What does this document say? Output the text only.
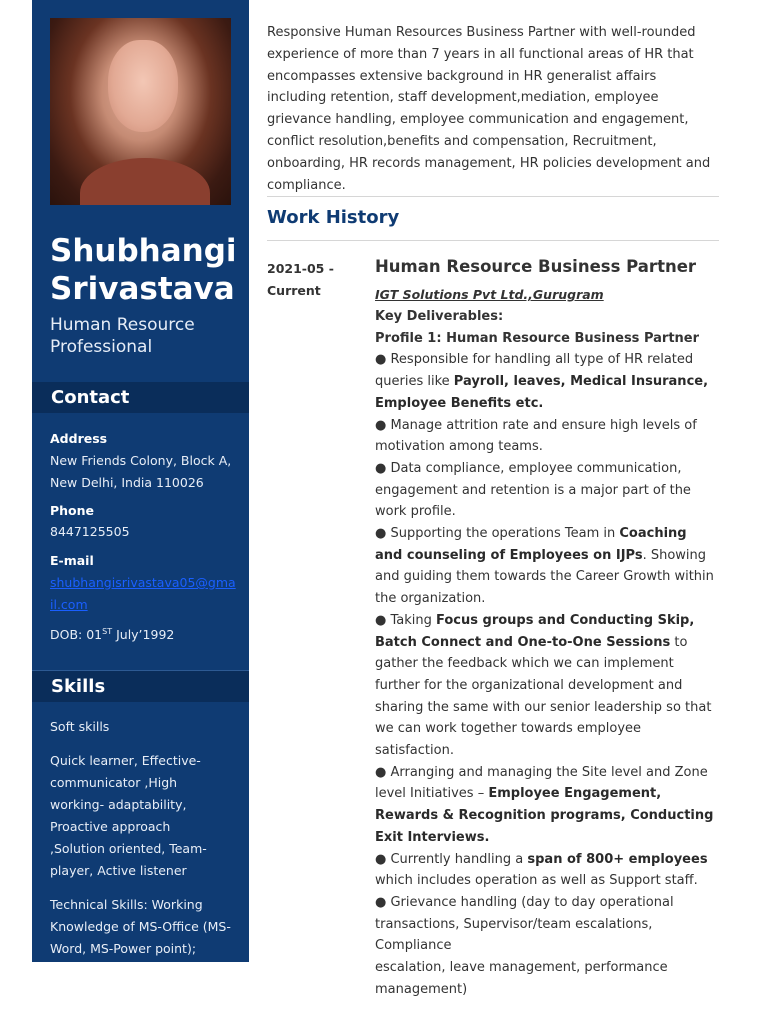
Shubhangi
Srivastava
Human Resource
Professional
Contact
Address
New Friends Colony, Block A,
New Delhi, India 110026
Phone
8447125505
E-mail
shubhangisrivastava05@gmail.com
DOB: 01ST July’1992
Skills
Soft skills
Quick learner, Effective-communicator ,High working- adaptability, Proactive approach ,Solution oriented, Team-player, Active listener
Technical Skills: Working Knowledge of MS-Office (MS- Word, MS-Power point);
Responsive Human Resources Business Partner with well-rounded experience of more than 7 years in all functional areas of HR that encompasses extensive background in HR generalist affairs including retention, staff development,mediation, employee grievance handling, employee communication and engagement, conflict resolution,benefits and compensation, Recruitment, onboarding, HR records management, HR policies development and compliance.
Work History
2021-05 -
Current
Human Resource Business Partner
IGT Solutions Pvt Ltd.,Gurugram
Key Deliverables:
Profile 1: Human Resource Business Partner
● Responsible for handling all type of HR related queries like Payroll, leaves, Medical Insurance, Employee Benefits etc.
● Manage attrition rate and ensure high levels of motivation among teams.
● Data compliance, employee communication, engagement and retention is a major part of the work profile.
● Supporting the operations Team in Coaching and counseling of Employees on IJPs. Showing and guiding them towards the Career Growth within the organization.
● Taking Focus groups and Conducting Skip, Batch Connect and One-to-One Sessions to gather the feedback which we can implement further for the organizational development and sharing the same with our senior leadership so that we can work together towards employee satisfaction.
● Arranging and managing the Site level and Zone level Initiatives – Employee Engagement, Rewards & Recognition programs, Conducting Exit Interviews.
● Currently handling a span of 800+ employees which includes operation as well as Support staff.
● Grievance handling (day to day operational transactions, Supervisor/team escalations, Compliance
escalation, leave management, performance management)
